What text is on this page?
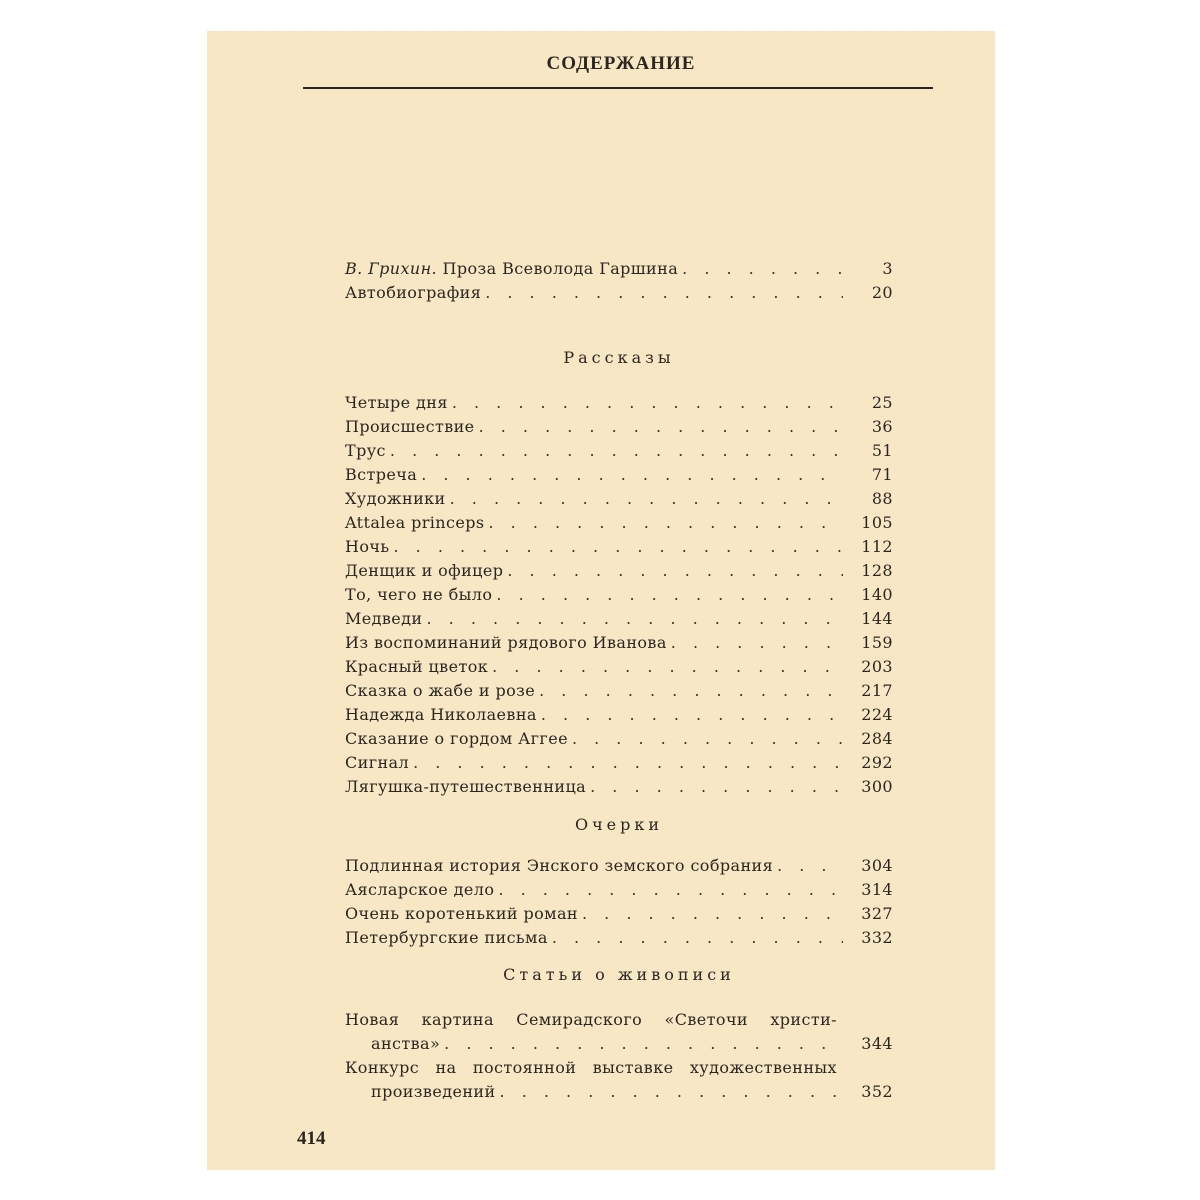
СОДЕРЖАНИЕ
В. Грихин. Проза Всеволода Гаршина . . .	3
Автобиография . . .	20
Рассказы
Четыре дня . . .	25
Происшествие . . .	36
Трус . . .	51
Встреча . . .	71
Художники . . .	88
Attalea princeps . . .	105
Ночь . . .	112
Денщик и офицер . . .	128
То, чего не было . . .	140
Медведи . . .	144
Из воспоминаний рядового Иванова . . .	159
Красный цветок . . .	203
Сказка о жабе и розе . . .	217
Надежда Николаевна . . .	224
Сказание о гордом Аггее . . .	284
Сигнал . . .	292
Лягушка-путешественница . . .	300
Очерки
Подлинная история Энского земского собрания . . .	304
Аясларское дело . . .	314
Очень коротенький роман . . .	327
Петербургские письма . . .	332
Статьи о живописи
Новая картина Семирадского «Светочи христи-
анства» . . .	344
Конкурс на постоянной выставке художественных
произведений . . .	352
414
